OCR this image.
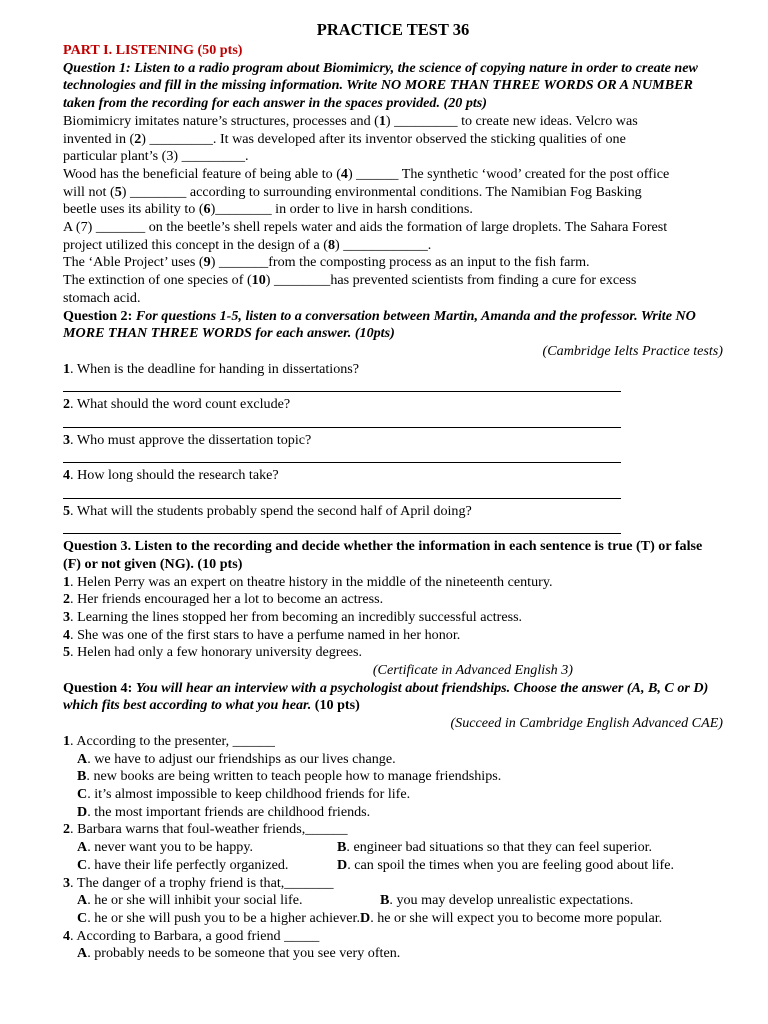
PRACTICE TEST 36
PART I. LISTENING (50 pts)
Question 1: Listen to a radio program about Biomimicry, the science of copying nature in order to create new technologies and fill in the missing information. Write NO MORE THAN THREE WORDS OR A NUMBER taken from the recording for each answer in the spaces provided. (20 pts)
Biomimicry imitates nature’s structures, processes and (1) _________ to create new ideas. Velcro was
invented in (2) _________. It was developed after its inventor observed the sticking qualities of one
particular plant’s (3) _________.
Wood has the beneficial feature of being able to (4) ______ The synthetic ‘wood’ created for the post office
will not (5) ________ according to surrounding environmental conditions. The Namibian Fog Basking
beetle uses its ability to (6)________ in order to live in harsh conditions.
A (7) _______ on the beetle’s shell repels water and aids the formation of large droplets. The Sahara Forest
project utilized this concept in the design of a (8) ____________.
The ‘Able Project’ uses (9) _______from the composting process as an input to the fish farm.
The extinction of one species of (10) ________has prevented scientists from finding a cure for excess
stomach acid.
Question 2: For questions 1-5, listen to a conversation between Martin, Amanda and the professor. Write NO MORE THAN THREE WORDS for each answer. (10pts)
(Cambridge Ielts Practice tests)
1. When is the deadline for handing in dissertations?
2. What should the word count exclude?
3. Who must approve the dissertation topic?
4. How long should the research take?
5. What will the students probably spend the second half of April doing?
Question 3. Listen to the recording and decide whether the information in each sentence is true (T) or false (F) or not given (NG). (10 pts)
1. Helen Perry was an expert on theatre history in the middle of the nineteenth century.
2. Her friends encouraged her a lot to become an actress.
3. Learning the lines stopped her from becoming an incredibly successful actress.
4. She was one of the first stars to have a perfume named in her honor.
5. Helen had only a few honorary university degrees.
(Certificate in Advanced English 3)
Question 4: You will hear an interview with a psychologist about friendships. Choose the answer (A, B, C or D) which fits best according to what you hear. (10 pts)
(Succeed in Cambridge English Advanced CAE)
1. According to the presenter, ______
A. we have to adjust our friendships as our lives change.
B. new books are being written to teach people how to manage friendships.
C. it’s almost impossible to keep childhood friends for life.
D. the most important friends are childhood friends.
2. Barbara warns that foul-weather friends,______
A. never want you to be happy.	B. engineer bad situations so that they can feel superior.
C. have their life perfectly organized.	D. can spoil the times when you are feeling good about life.
3. The danger of a trophy friend is that,_______
A. he or she will inhibit your social life.	B. you may develop unrealistic expectations.
C. he or she will push you to be a higher achiever.D. he or she will expect you to become more popular.
4. According to Barbara, a good friend _____
A. probably needs to be someone that you see very often.
